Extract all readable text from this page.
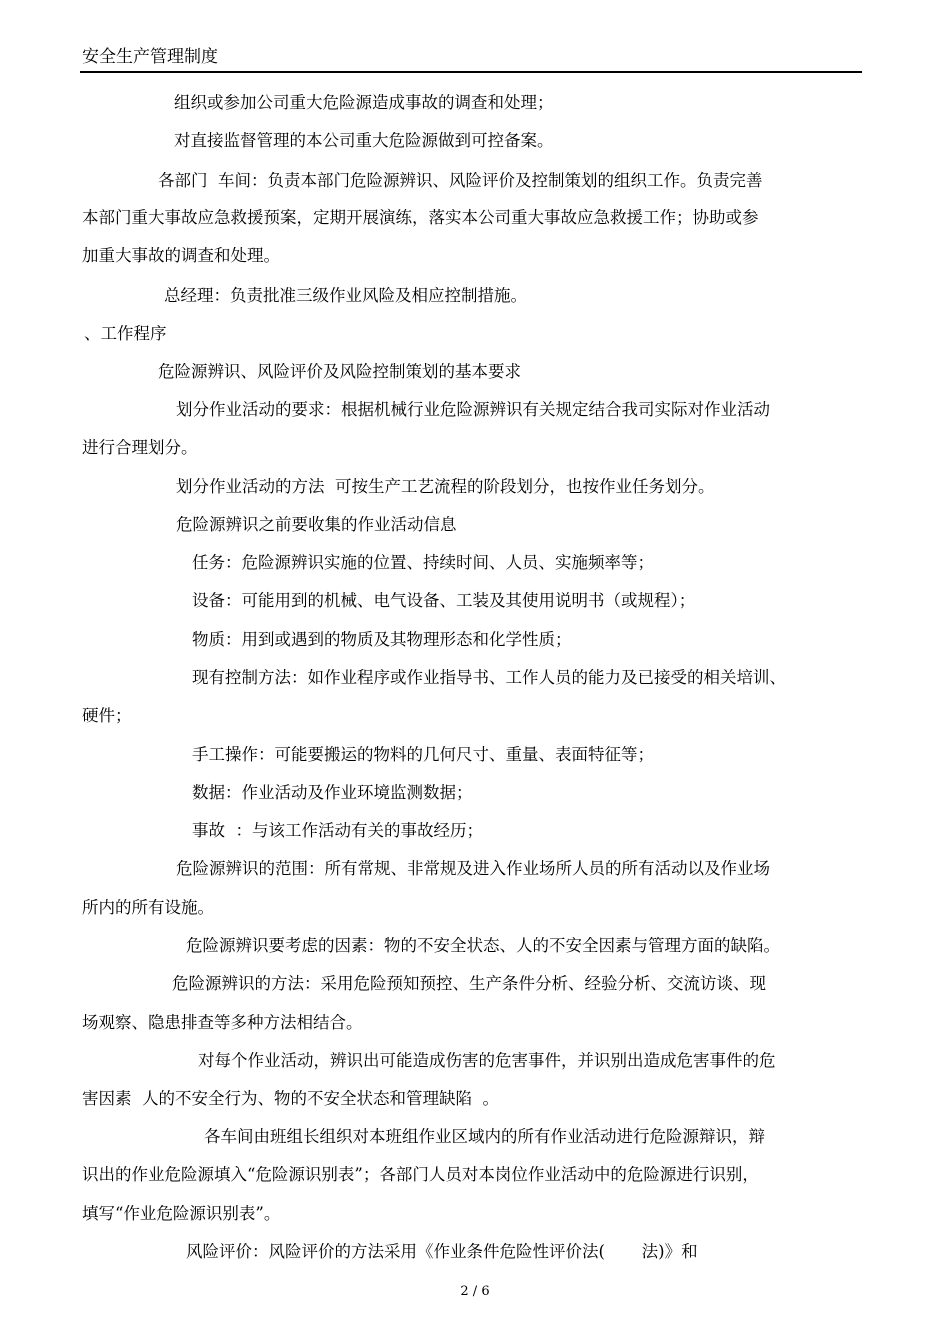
安全生产管理制度
组织或参加公司重大危险源造成事故的调查和处理；
对直接监督管理的本公司重大危险源做到可控备案。
各部门  车间：负责本部门危险源辨识、风险评价及控制策划的组织工作。负责完善
本部门重大事故应急救援预案，定期开展演练，落实本公司重大事故应急救援工作；协助或参
加重大事故的调查和处理。
总经理：负责批准三级作业风险及相应控制措施。
、工作程序
危险源辨识、风险评价及风险控制策划的基本要求
划分作业活动的要求：根据机械行业危险源辨识有关规定结合我司实际对作业活动
进行合理划分。
划分作业活动的方法  可按生产工艺流程的阶段划分，也按作业任务划分。
危险源辨识之前要收集的作业活动信息
任务：危险源辨识实施的位置、持续时间、人员、实施频率等；
设备：可能用到的机械、电气设备、工装及其使用说明书（或规程）；
物质：用到或遇到的物质及其物理形态和化学性质；
现有控制方法：如作业程序或作业指导书、工作人员的能力及已接受的相关培训、
硬件；
手工操作：可能要搬运的物料的几何尺寸、重量、表面特征等；
数据：作业活动及作业环境监测数据；
事故  ：与该工作活动有关的事故经历；
危险源辨识的范围：所有常规、非常规及进入作业场所人员的所有活动以及作业场
所内的所有设施。
危险源辨识要考虑的因素：物的不安全状态、人的不安全因素与管理方面的缺陷。
危险源辨识的方法：采用危险预知预控、生产条件分析、经验分析、交流访谈、现
场观察、隐患排查等多种方法相结合。
对每个作业活动，辨识出可能造成伤害的危害事件，并识别出造成危害事件的危
害因素  人的不安全行为、物的不安全状态和管理缺陷  。
各车间由班组长组织对本班组作业区域内的所有作业活动进行危险源辩识，辩
识出的作业危险源填入“危险源识别表”；各部门人员对本岗位作业活动中的危险源进行识别，
填写“作业危险源识别表”。
风险评价：风险评价的方法采用《作业条件危险性评价法(       法)》和
2 / 6
